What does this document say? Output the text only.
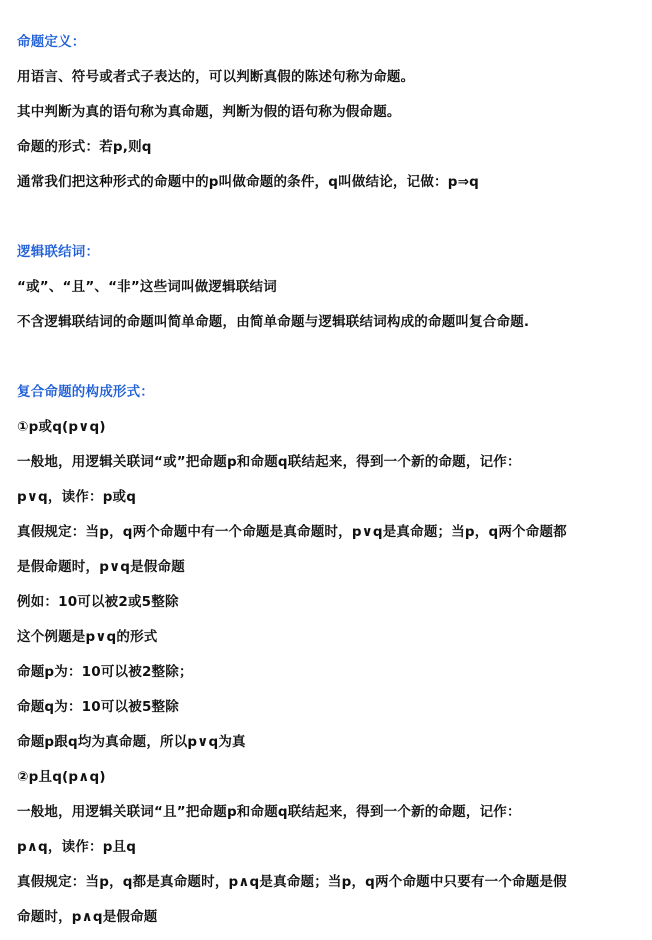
命题定义：
用语言、符号或者式子表达的，可以判断真假的陈述句称为命题。
其中判断为真的语句称为真命题，判断为假的语句称为假命题。
命题的形式：若p,则q
通常我们把这种形式的命题中的p叫做命题的条件，q叫做结论，记做：p⇒q
逻辑联结词：
“或”、“且”、“非”这些词叫做逻辑联结词
不含逻辑联结词的命题叫简单命题，由简单命题与逻辑联结词构成的命题叫复合命题.
复合命题的构成形式：
①p或q(p∨q)
一般地，用逻辑关联词“或”把命题p和命题q联结起来，得到一个新的命题，记作：
p∨q，读作：p或q
真假规定：当p，q两个命题中有一个命题是真命题时，p∨q是真命题；当p，q两个命题都
是假命题时，p∨q是假命题
例如：10可以被2或5整除
这个例题是p∨q的形式
命题p为：10可以被2整除；
命题q为：10可以被5整除
命题p跟q均为真命题，所以p∨q为真
②p且q(p∧q)
一般地，用逻辑关联词“且”把命题p和命题q联结起来，得到一个新的命题，记作：
p∧q，读作：p且q
真假规定：当p，q都是真命题时，p∧q是真命题；当p，q两个命题中只要有一个命题是假
命题时，p∧q是假命题
